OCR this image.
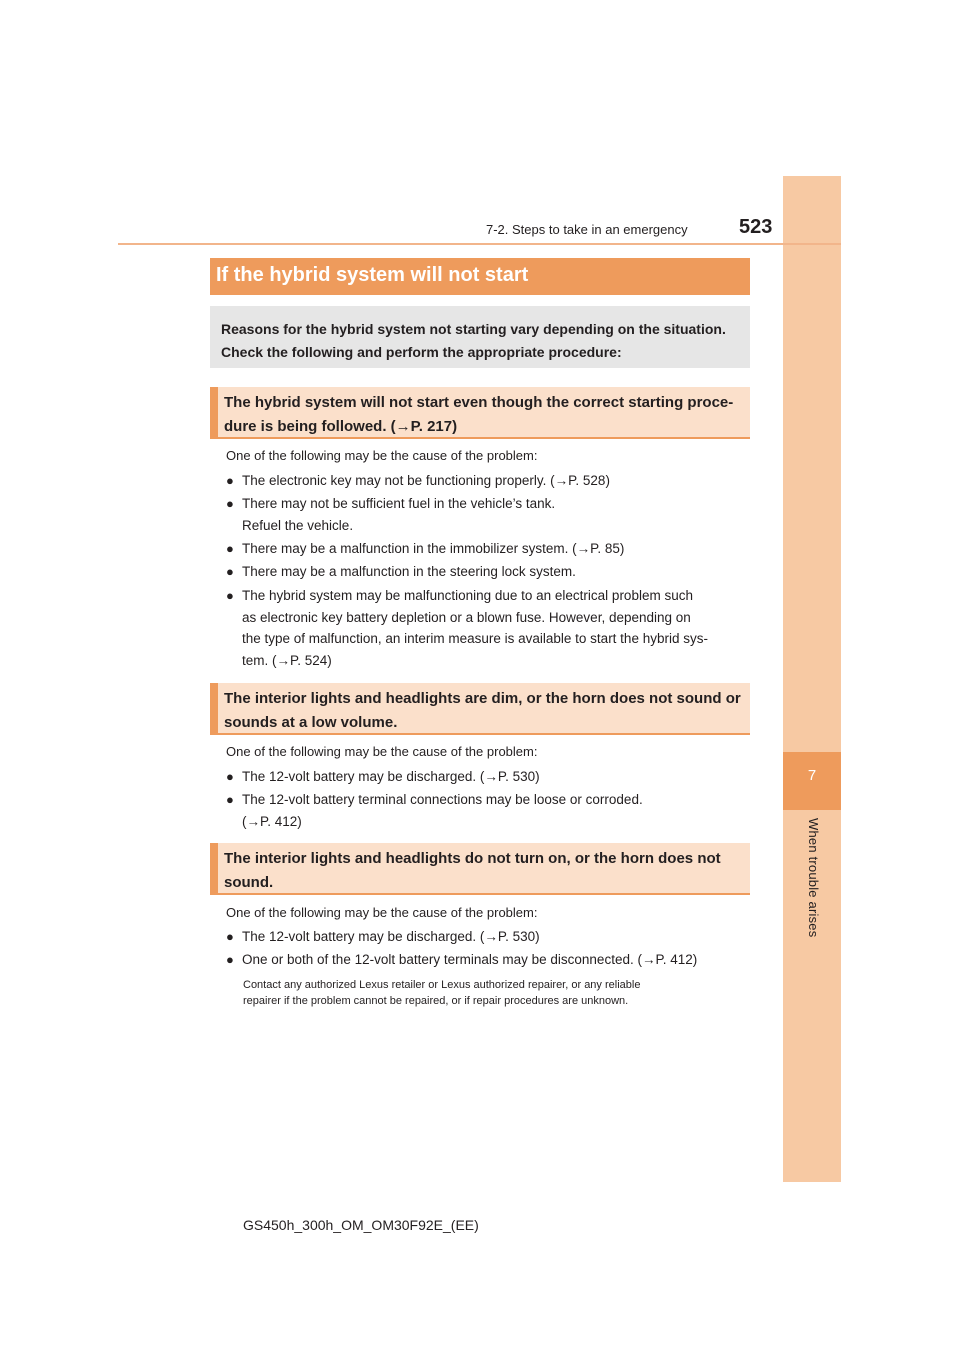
7
When trouble arises
7-2. Steps to take in an emergency	523
If the hybrid system will not start
Reasons for the hybrid system not starting vary depending on the situation.
Check the following and perform the appropriate procedure:
The hybrid system will not start even though the correct starting proce-
dure is being followed. (→P. 217)
One of the following may be the cause of the problem:
● The electronic key may not be functioning properly. (→P. 528)
● There may not be sufficient fuel in the vehicle’s tank.
Refuel the vehicle.
● There may be a malfunction in the immobilizer system. (→P. 85)
● There may be a malfunction in the steering lock system.
● The hybrid system may be malfunctioning due to an electrical problem such
as electronic key battery depletion or a blown fuse. However, depending on
the type of malfunction, an interim measure is available to start the hybrid sys-
tem. (→P. 524)
The interior lights and headlights are dim, or the horn does not sound or
sounds at a low volume.
One of the following may be the cause of the problem:
● The 12-volt battery may be discharged. (→P. 530)
● The 12-volt battery terminal connections may be loose or corroded.
(→P. 412)
The interior lights and headlights do not turn on, or the horn does not
sound.
One of the following may be the cause of the problem:
● The 12-volt battery may be discharged. (→P. 530)
● One or both of the 12-volt battery terminals may be disconnected. (→P. 412)
Contact any authorized Lexus retailer or Lexus authorized repairer, or any reliable
repairer if the problem cannot be repaired, or if repair procedures are unknown.
GS450h_300h_OM_OM30F92E_(EE)
